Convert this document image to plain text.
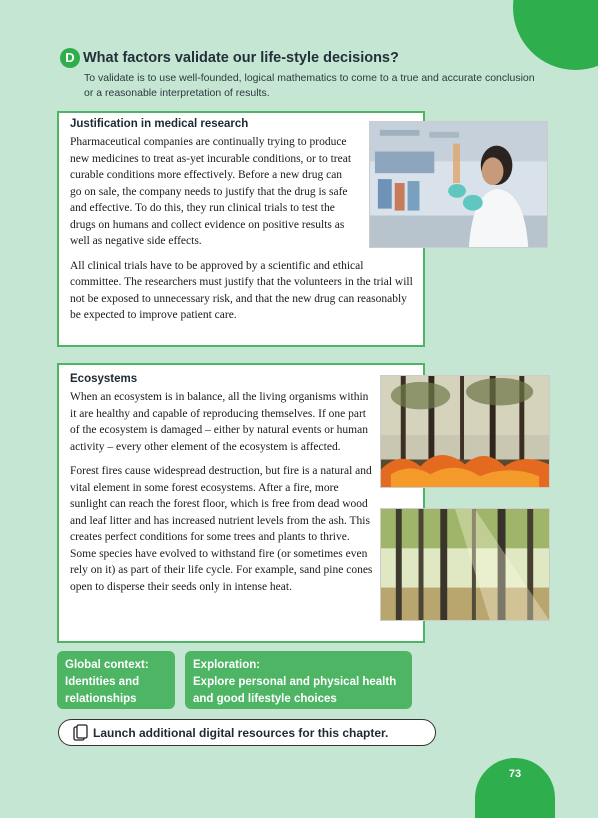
D What factors validate our life-style decisions?
To validate is to use well-founded, logical mathematics to come to a true and accurate conclusion or a reasonable interpretation of results.

Justification in medical research

Pharmaceutical companies are continually trying to produce new medicines to treat as-yet incurable conditions, or to treat curable conditions more effectively. Before a new drug can go on sale, the company needs to justify that the drug is safe and effective. To do this, they run clinical trials to test the drugs on humans and collect evidence on positive results as well as negative side effects.

All clinical trials have to be approved by a scientific and ethical committee. The researchers must justify that the volunteers in the trial will not be exposed to unnecessary risk, and that the new drug can reasonably be expected to improve patient care.

Ecosystems

When an ecosystem is in balance, all the living organisms within it are healthy and capable of reproducing themselves. If one part of the ecosystem is damaged – either by natural events or human activity – every other element of the ecosystem is affected.

Forest fires cause widespread destruction, but fire is a natural and vital element in some forest ecosystems. After a fire, more sunlight can reach the forest floor, which is free from dead wood and leaf litter and has increased nutrient levels from the ash. This creates perfect conditions for some trees and plants to thrive. Some species have evolved to withstand fire (or sometimes even rely on it) as part of their life cycle. For example, sand pine cones open to disperse their seeds only in intense heat.

Global context:
Identities and relationships
Exploration:
Explore personal and physical health and good lifestyle choices
Launch additional digital resources for this chapter.
73
